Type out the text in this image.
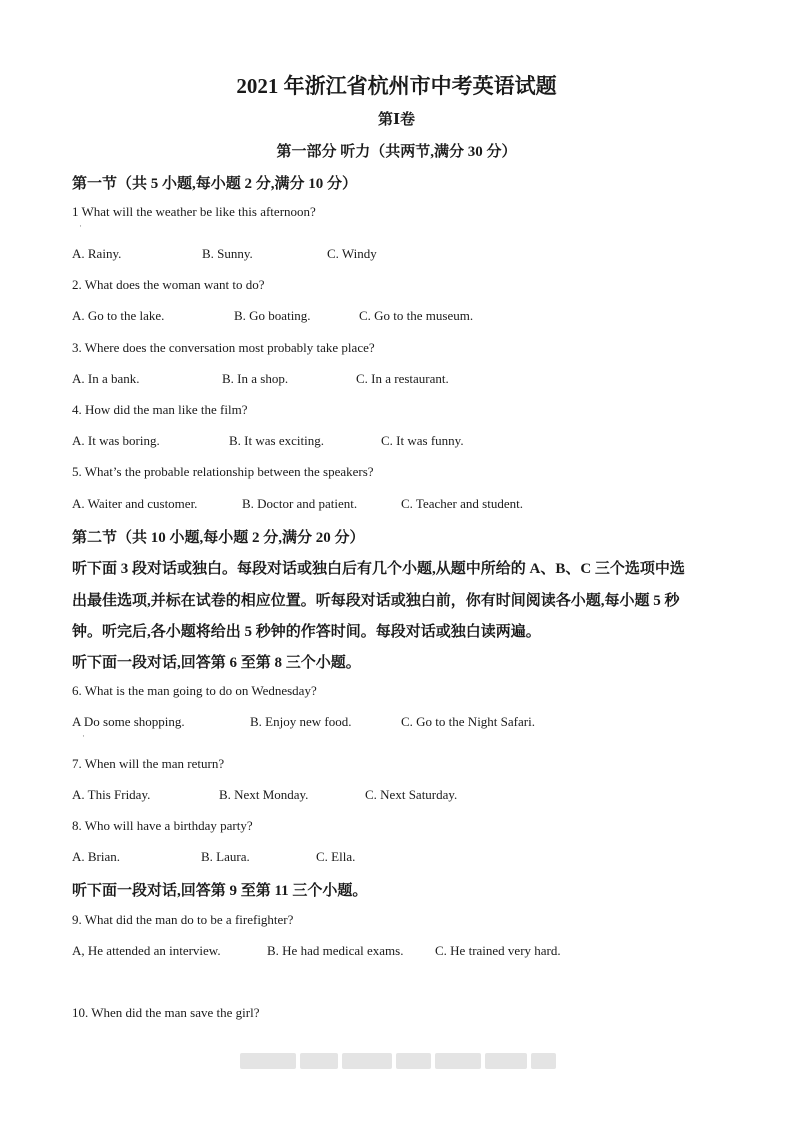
2021 年浙江省杭州市中考英语试题
第Ⅰ卷
第一部分 听力（共两节,满分 30 分）
第一节（共 5 小题,每小题 2 分,满分 10 分）
1 What will the weather be like this afternoon?
·
A. Rainy.	B. Sunny.	C. Windy
2. What does the woman want to do?
A. Go to the lake.	B. Go boating.	C. Go to the museum.
3. Where does the conversation most probably take place?
A. In a bank.	B. In a shop.	C. In a restaurant.
4. How did the man like the film?
A. It was boring.	B. It was exciting.	C. It was funny.
5. What’s the probable relationship between the speakers?
A. Waiter and customer.	B. Doctor and patient.	C. Teacher and student.
第二节（共 10 小题,每小题 2 分,满分 20 分）
听下面 3 段对话或独白。每段对话或独白后有几个小题,从题中所给的 A、B、C 三个选项中选
出最佳选项,并标在试卷的相应位置。听每段对话或独白前，你有时间阅读各小题,每小题 5 秒
钟。听完后,各小题将给出 5 秒钟的作答时间。每段对话或独白读两遍。
听下面一段对话,回答第 6 至第 8 三个小题。
6. What is the man going to do on Wednesday?
A Do some shopping.	B. Enjoy new food.	C. Go to the Night Safari.
·
7. When will the man return?
A. This Friday.	B. Next Monday.	C. Next Saturday.
8. Who will have a birthday party?
A. Brian.	B. Laura.	C. Ella.
听下面一段对话,回答第 9 至第 11 三个小题。
9. What did the man do to be a firefighter?
A, He attended an interview.	B. He had medical exams. C. He trained very hard.
10. When did the man save the girl?
